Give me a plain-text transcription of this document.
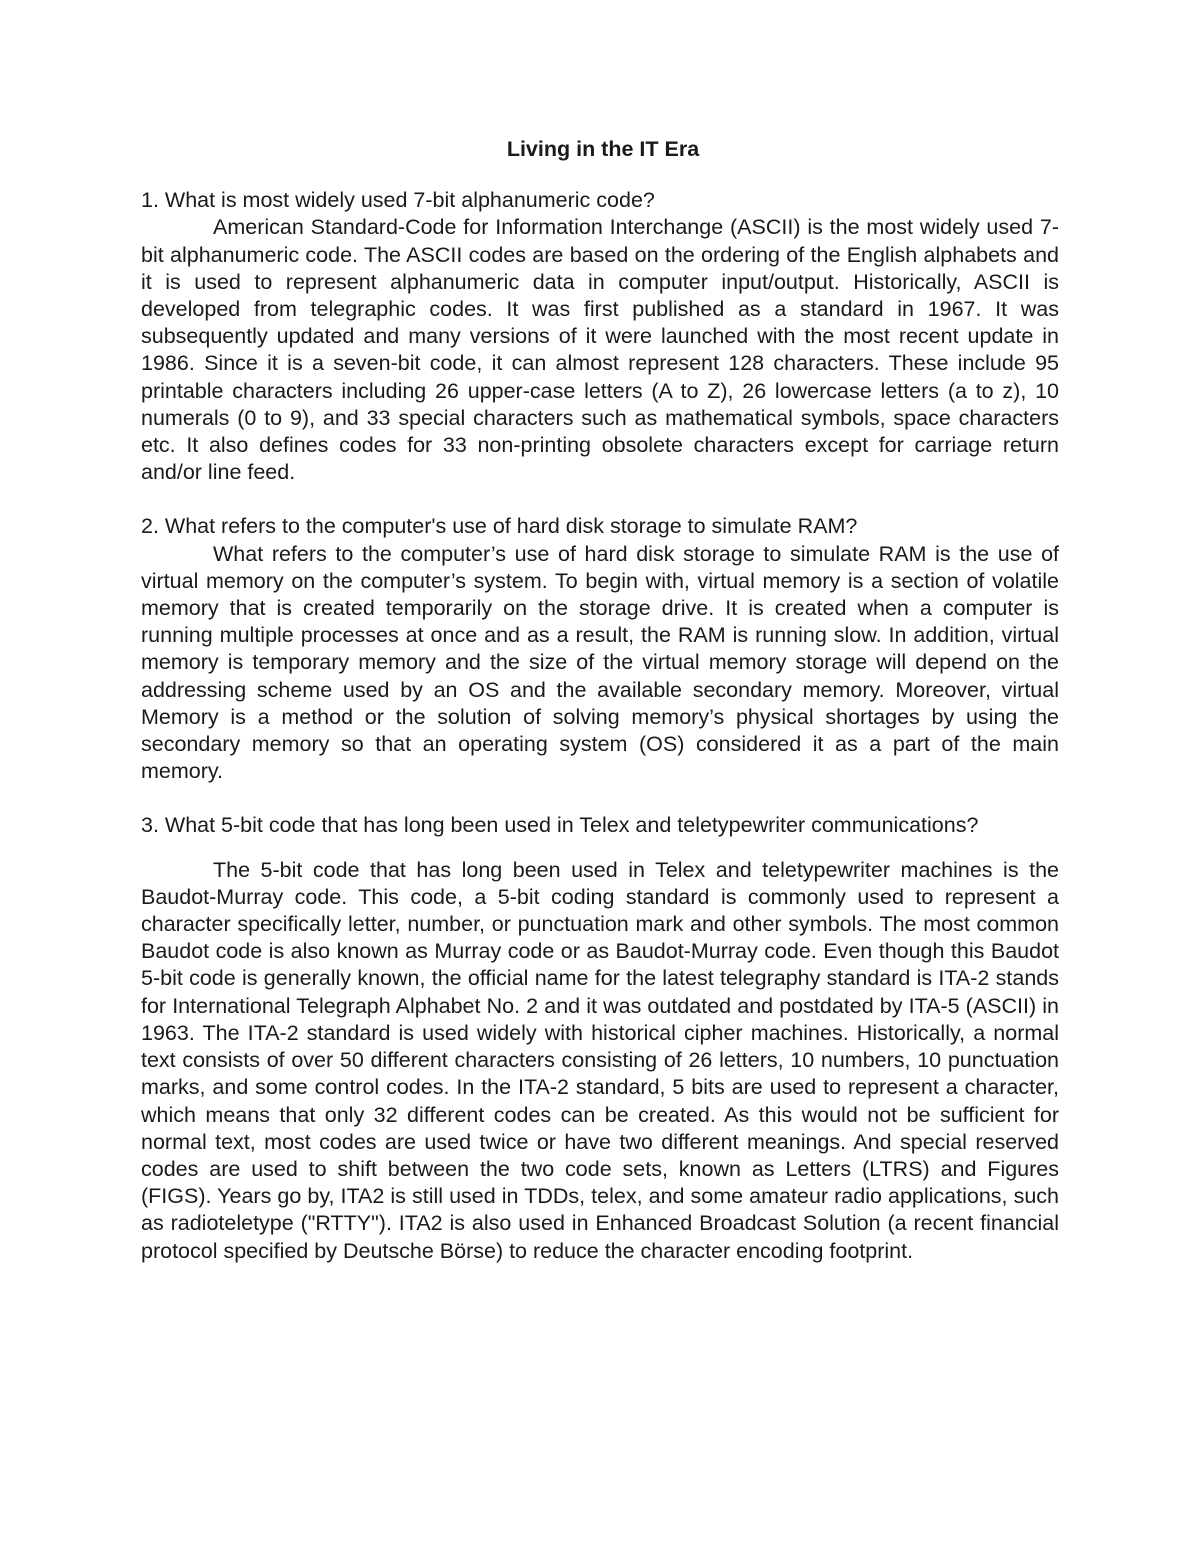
Living in the IT Era

1. What is most widely used 7-bit alphanumeric code?

American Standard-Code for Information Interchange (ASCII) is the most widely used 7-bit alphanumeric code. The ASCII codes are based on the ordering of the English alphabets and it is used to represent alphanumeric data in computer input/output. Historically, ASCII is developed from telegraphic codes. It was first published as a standard in 1967. It was subsequently updated and many versions of it were launched with the most recent update in 1986. Since it is a seven-bit code, it can almost represent 128 characters. These include 95 printable characters including 26 upper-case letters (A to Z), 26 lowercase letters (a to z), 10 numerals (0 to 9), and 33 special characters such as mathematical symbols, space characters etc. It also defines codes for 33 non-printing obsolete characters except for carriage return and/or line feed.

2. What refers to the computer's use of hard disk storage to simulate RAM?

What refers to the computer’s use of hard disk storage to simulate RAM is the use of virtual memory on the computer’s system. To begin with, virtual memory is a section of volatile memory that is created temporarily on the storage drive. It is created when a computer is running multiple processes at once and as a result, the RAM is running slow. In addition, virtual memory is temporary memory and the size of the virtual memory storage will depend on the addressing scheme used by an OS and the available secondary memory. Moreover, virtual Memory is a method or the solution of solving memory’s physical shortages by using the secondary memory so that an operating system (OS) considered it as a part of the main memory.

3. What 5-bit code that has long been used in Telex and teletypewriter communications?

The 5-bit code that has long been used in Telex and teletypewriter machines is the Baudot-Murray code. This code, a 5-bit coding standard is commonly used to represent a character specifically letter, number, or punctuation mark and other symbols. The most common Baudot code is also known as Murray code or as Baudot-Murray code. Even though this Baudot 5-bit code is generally known, the official name for the latest telegraphy standard is ITA-2 stands for International Telegraph Alphabet No. 2 and it was outdated and postdated by ITA-5 (ASCII) in 1963. The ITA-2 standard is used widely with historical cipher machines. Historically, a normal text consists of over 50 different characters consisting of 26 letters, 10 numbers, 10 punctuation marks, and some control codes. In the ITA-2 standard, 5 bits are used to represent a character, which means that only 32 different codes can be created. As this would not be sufficient for normal text, most codes are used twice or have two different meanings. And special reserved codes are used to shift between the two code sets, known as Letters (LTRS) and Figures (FIGS). Years go by, ITA2 is still used in TDDs, telex, and some amateur radio applications, such as radioteletype ("RTTY"). ITA2 is also used in Enhanced Broadcast Solution (a recent financial protocol specified by Deutsche Börse) to reduce the character encoding footprint.
